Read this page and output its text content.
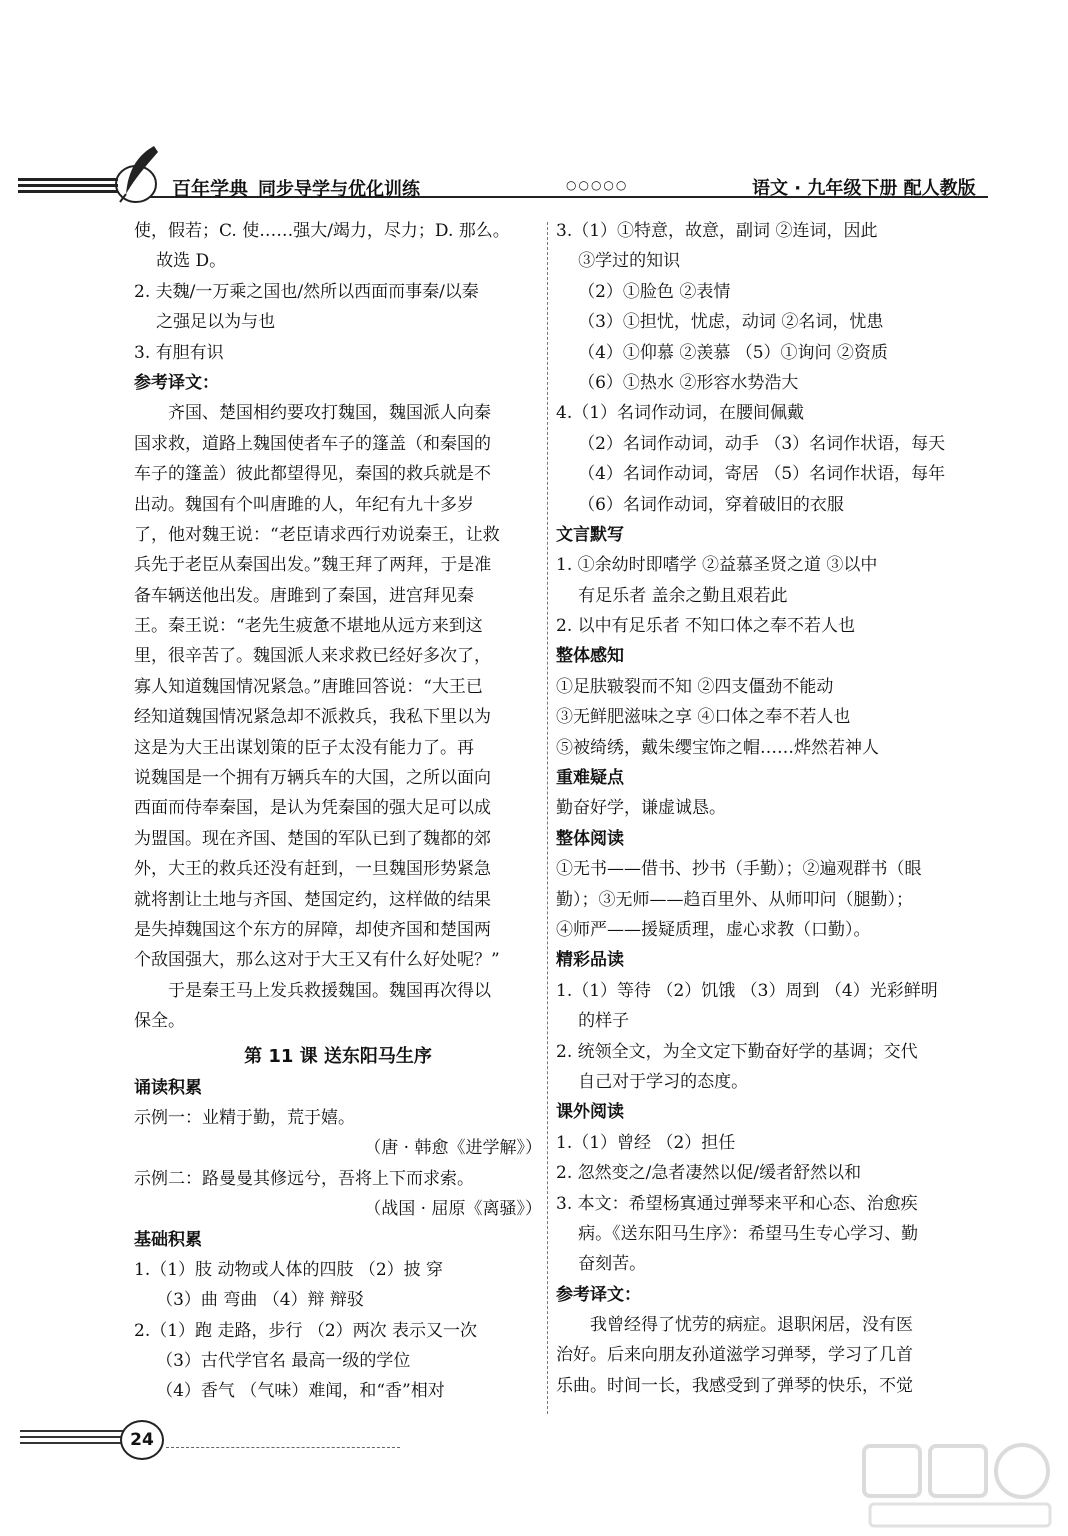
百年学典 同步导学与优化训练	○○○○○	语文 · 九年级下册 配人教版
使，假若；C. 使……强大/竭力，尽力；D. 那么。
故选 D。
2. 夫魏/一万乘之国也/然所以西面而事秦/以秦
之强足以为与也
3. 有胆有识
参考译文：
齐国、楚国相约要攻打魏国，魏国派人向秦
国求救，道路上魏国使者车子的篷盖（和秦国的
车子的篷盖）彼此都望得见，秦国的救兵就是不
出动。魏国有个叫唐雎的人，年纪有九十多岁
了，他对魏王说：“老臣请求西行劝说秦王，让救
兵先于老臣从秦国出发。”魏王拜了两拜，于是准
备车辆送他出发。唐雎到了秦国，进宫拜见秦
王。秦王说：“老先生疲惫不堪地从远方来到这
里，很辛苦了。魏国派人来求救已经好多次了，
寡人知道魏国情况紧急。”唐雎回答说：“大王已
经知道魏国情况紧急却不派救兵，我私下里以为
这是为大王出谋划策的臣子太没有能力了。再
说魏国是一个拥有万辆兵车的大国，之所以面向
西面而侍奉秦国，是认为凭秦国的强大足可以成
为盟国。现在齐国、楚国的军队已到了魏都的郊
外，大王的救兵还没有赶到，一旦魏国形势紧急
就将割让土地与齐国、楚国定约，这样做的结果
是失掉魏国这个东方的屏障，却使齐国和楚国两
个敌国强大，那么这对于大王又有什么好处呢？”
于是秦王马上发兵救援魏国。魏国再次得以
保全。
第 11 课 送东阳马生序
诵读积累
示例一：业精于勤，荒于嬉。
（唐 · 韩愈《进学解》）
示例二：路曼曼其修远兮，吾将上下而求索。
（战国 · 屈原《离骚》）
基础积累
1.（1）肢 动物或人体的四肢 （2）披 穿
（3）曲 弯曲 （4）辩 辩驳
2.（1）跑 走路，步行 （2）两次 表示又一次
（3）古代学官名 最高一级的学位
（4）香气 （气味）难闻，和“香”相对
3.（1）①特意，故意，副词 ②连词，因此
③学过的知识
（2）①脸色 ②表情
（3）①担忧，忧虑，动词 ②名词，忧患
（4）①仰慕 ②羡慕 （5）①询问 ②资质
（6）①热水 ②形容水势浩大
4.（1）名词作动词，在腰间佩戴
（2）名词作动词，动手 （3）名词作状语，每天
（4）名词作动词，寄居 （5）名词作状语，每年
（6）名词作动词，穿着破旧的衣服
文言默写
1. ①余幼时即嗜学 ②益慕圣贤之道 ③以中
有足乐者 盖余之勤且艰若此
2. 以中有足乐者 不知口体之奉不若人也
整体感知
①足肤皲裂而不知 ②四支僵劲不能动
③无鲜肥滋味之享 ④口体之奉不若人也
⑤被绮绣，戴朱缨宝饰之帽……烨然若神人
重难疑点
勤奋好学，谦虚诚恳。
整体阅读
①无书——借书、抄书（手勤）；②遍观群书（眼
勤）；③无师——趋百里外、从师叩问（腿勤）；
④师严——援疑质理，虚心求教（口勤）。
精彩品读
1.（1）等待 （2）饥饿 （3）周到 （4）光彩鲜明
的样子
2. 统领全文，为全文定下勤奋好学的基调；交代
自己对于学习的态度。
课外阅读
1.（1）曾经 （2）担任
2. 忽然变之/急者凄然以促/缓者舒然以和
3. 本文：希望杨寘通过弹琴来平和心态、治愈疾
病。《送东阳马生序》：希望马生专心学习、勤
奋刻苦。
参考译文：
我曾经得了忧劳的病症。退职闲居，没有医
治好。后来向朋友孙道滋学习弹琴，学习了几首
乐曲。时间一长，我感受到了弹琴的快乐，不觉
24
